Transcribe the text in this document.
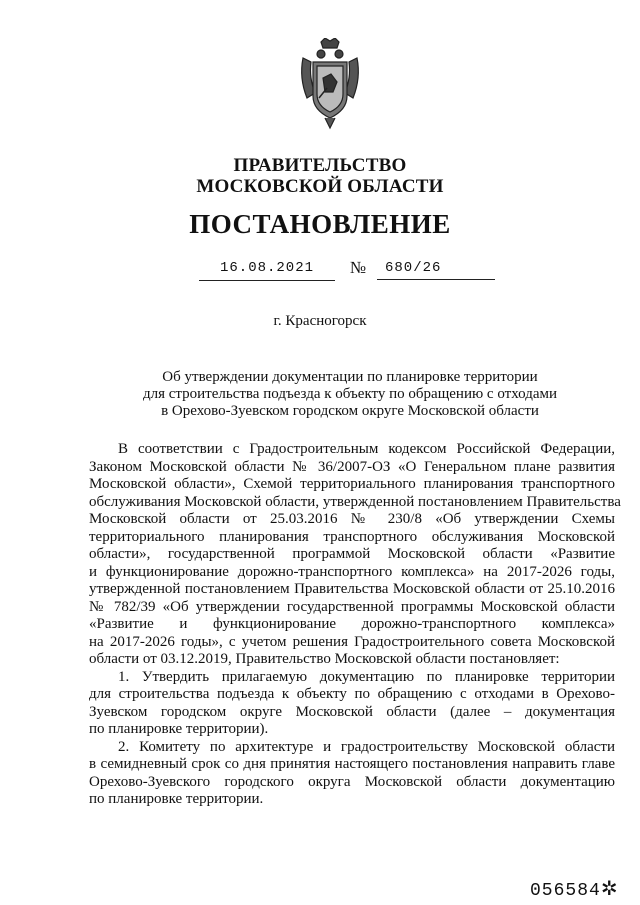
ПРАВИТЕЛЬСТВО
МОСКОВСКОЙ ОБЛАСТИ
ПОСТАНОВЛЕНИЕ
16.08.2021	№	680/26
г. Красногорск
Об утверждении документации по планировке территории
для строительства подъезда к объекту по обращению с отходами
в Орехово-Зуевском городском округе Московской области
В соответствии с Градостроительным кодексом Российской Федерации,
Законом Московской области № 36/2007-ОЗ «О Генеральном плане развития
Московской области», Схемой территориального планирования транспортного
обслуживания Московской области, утвержденной постановлением Правительства
Московской области от 25.03.2016 № 230/8 «Об утверждении Схемы
территориального планирования транспортного обслуживания Московской
области», государственной программой Московской области «Развитие
и функционирование дорожно-транспортного комплекса» на 2017-2026 годы,
утвержденной постановлением Правительства Московской области от 25.10.2016
№ 782/39 «Об утверждении государственной программы Московской области
«Развитие и функционирование дорожно-транспортного комплекса»
на 2017-2026 годы», с учетом решения Градостроительного совета Московской
области от 03.12.2019, Правительство Московской области постановляет:
1. Утвердить прилагаемую документацию по планировке территории
для строительства подъезда к объекту по обращению с отходами в Орехово-
Зуевском городском округе Московской области (далее – документация
по планировке территории).
2. Комитету по архитектуре и градостроительству Московской области
в семидневный срок со дня принятия настоящего постановления направить главе
Орехово-Зуевского городского округа Московской области документацию
по планировке территории.
056584✲
